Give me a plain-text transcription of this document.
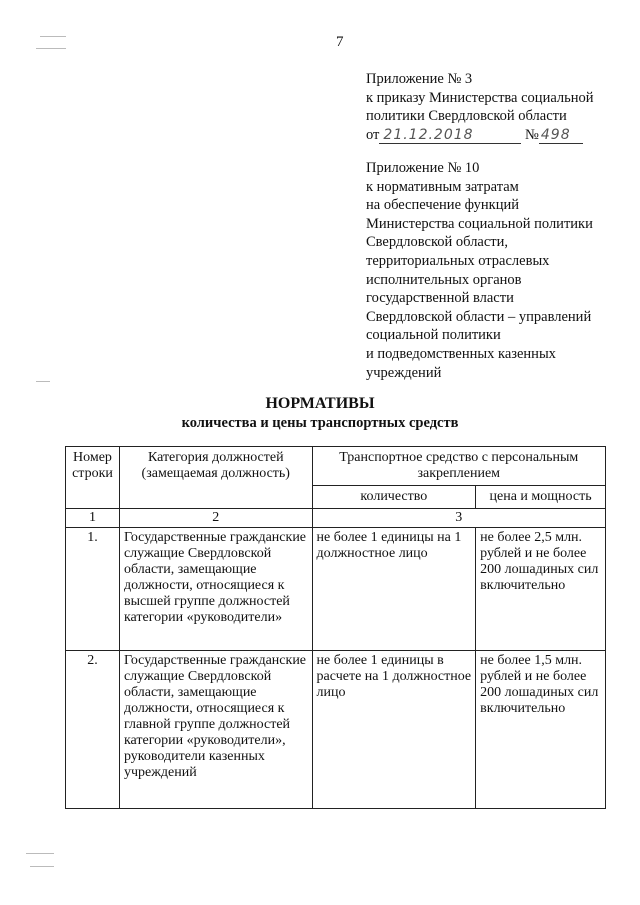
7
Приложение № 3
к приказу Министерства социальной
политики Свердловской области
от 21.12.2018	№ 498
Приложение № 10
к нормативным затратам
на обеспечение функций
Министерства социальной политики
Свердловской области,
территориальных отраслевых
исполнительных органов
государственной власти
Свердловской области – управлений
социальной политики
и подведомственных казенных
учреждений
НОРМАТИВЫ
количества и цены транспортных средств
Номер строки	Категория должностей (замещаемая должность)	Транспортное средство с персональным закреплением	
		количество	цена и мощность
1	2	3	
1.	Государственные гражданские служащие Свердловской области, замещающие должности, относящиеся к высшей группе должностей категории «руководители»	не более 1 единицы на 1 должностное лицо	не более 2,5 млн. рублей и не более 200 лошадиных сил включительно
2.	Государственные гражданские служащие Свердловской области, замещающие должности, относящиеся к главной группе должностей категории «руководители», руководители казенных учреждений	не более 1 единицы в расчете на 1 должностное лицо	не более 1,5 млн. рублей и не более 200 лошадиных сил включительно
